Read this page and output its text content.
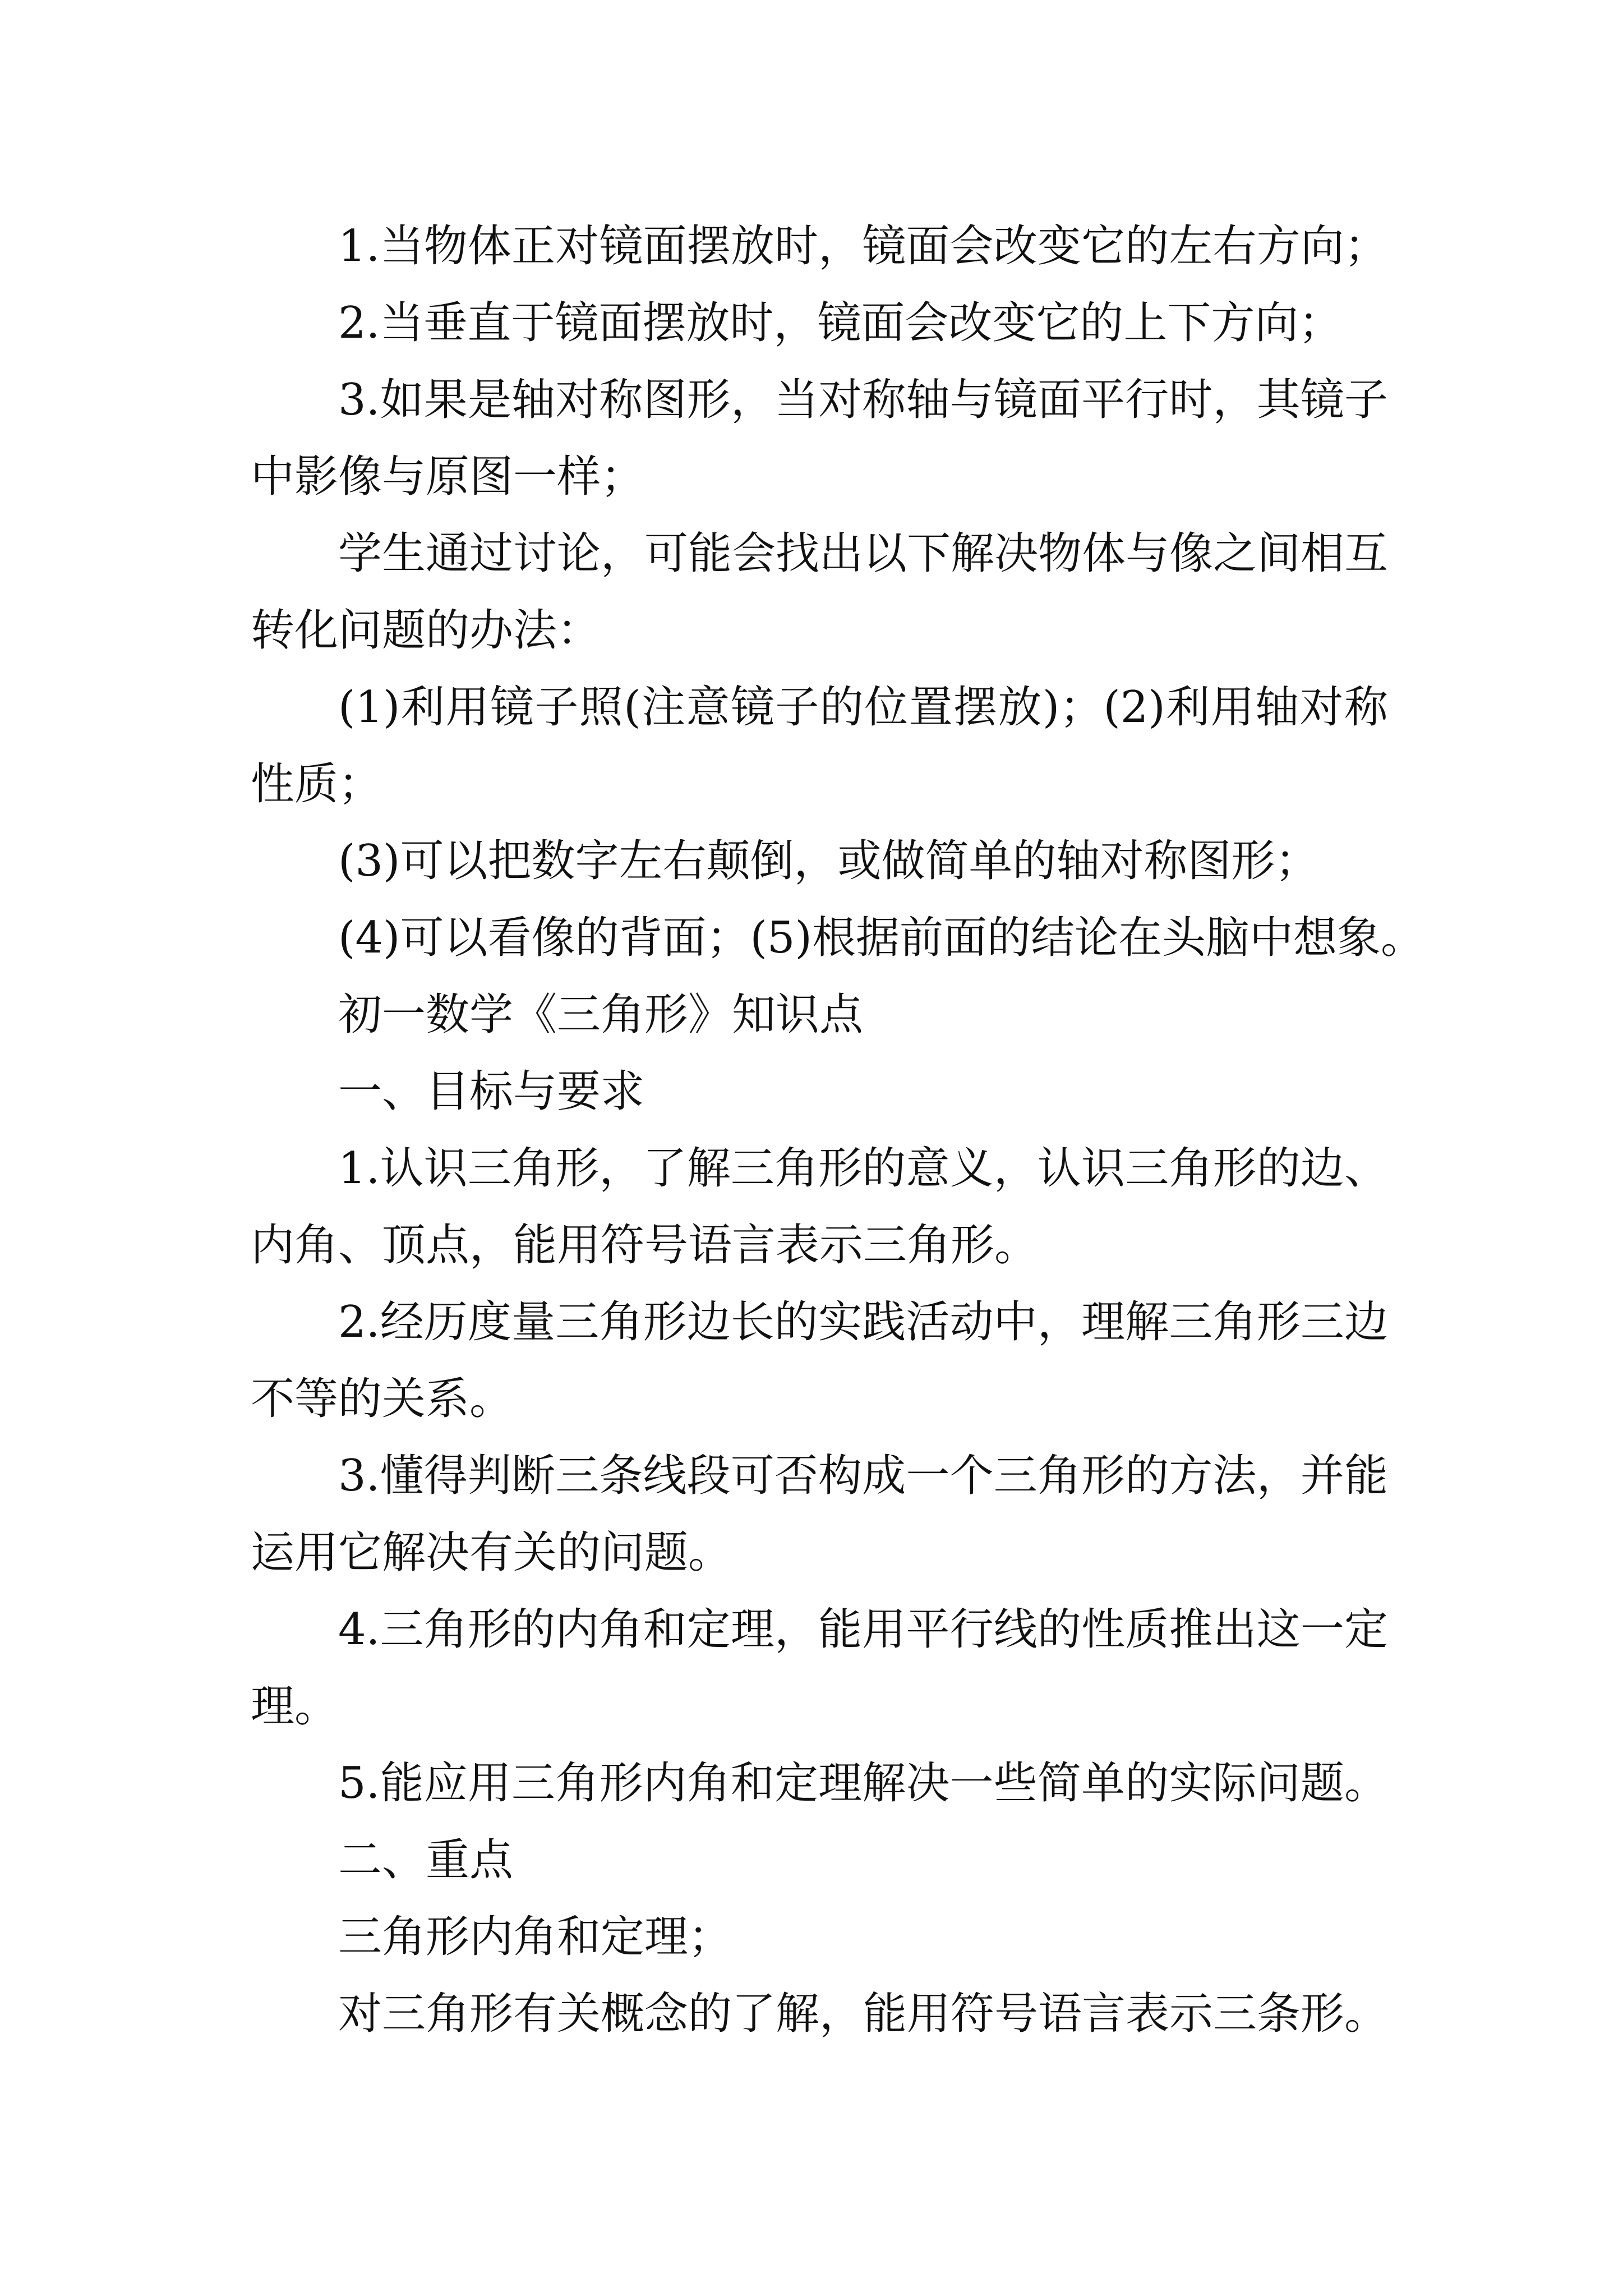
1.当物体正对镜面摆放时，镜面会改变它的左右方向；
2.当垂直于镜面摆放时，镜面会改变它的上下方向；
3.如果是轴对称图形，当对称轴与镜面平行时，其镜子
中影像与原图一样；
学生通过讨论，可能会找出以下解决物体与像之间相互
转化问题的办法：
(1)利用镜子照(注意镜子的位置摆放)；(2)利用轴对称
性质；
(3)可以把数字左右颠倒，或做简单的轴对称图形；
(4)可以看像的背面；(5)根据前面的结论在头脑中想象。
初一数学《三角形》知识点
一、目标与要求
1.认识三角形，了解三角形的意义，认识三角形的边、
内角、顶点，能用符号语言表示三角形。
2.经历度量三角形边长的实践活动中，理解三角形三边
不等的关系。
3.懂得判断三条线段可否构成一个三角形的方法，并能
运用它解决有关的问题。
4.三角形的内角和定理，能用平行线的性质推出这一定
理。
5.能应用三角形内角和定理解决一些简单的实际问题。
二、重点
三角形内角和定理；
对三角形有关概念的了解，能用符号语言表示三条形。
